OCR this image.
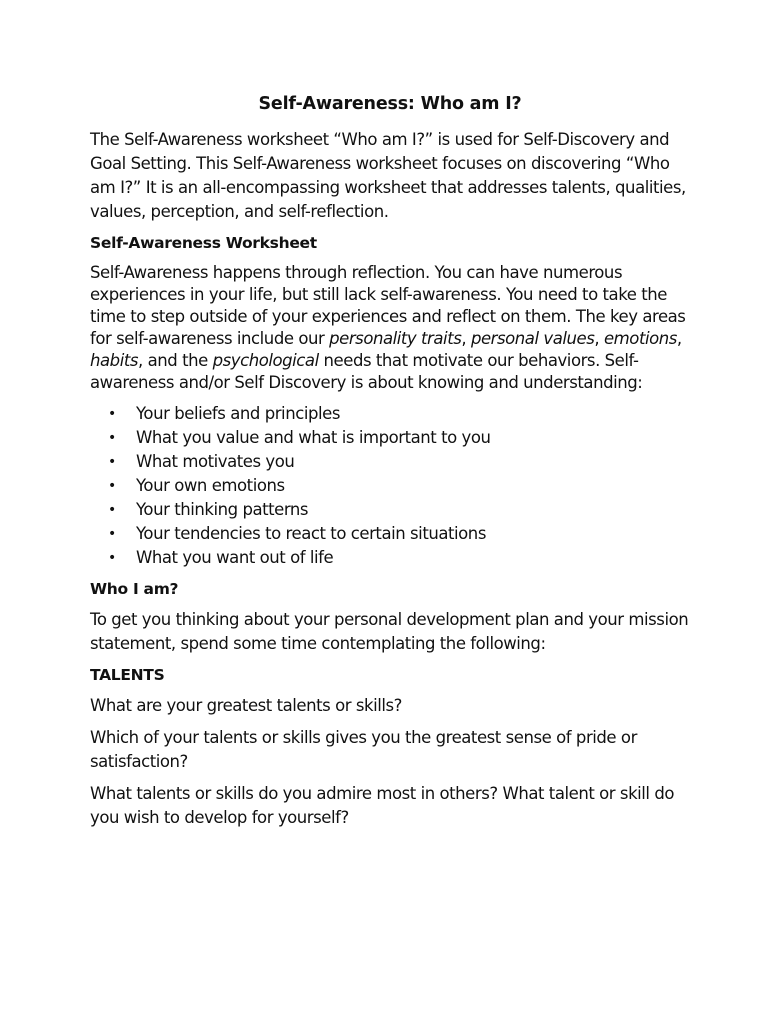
Self-Awareness: Who am I?

The Self-Awareness worksheet “Who am I?” is used for Self-Discovery and Goal Setting. This Self-Awareness worksheet focuses on discovering “Who am I?” It is an all-encompassing worksheet that addresses talents, qualities, values, perception, and self-reflection.

Self-Awareness Worksheet

Self-Awareness happens through reflection. You can have numerous experiences in your life, but still lack self-awareness. You need to take the time to step outside of your experiences and reflect on them. The key areas for self-awareness include our personality traits, personal values, emotions, habits, and the psychological needs that motivate our behaviors. Self-awareness and/or Self Discovery is about knowing and understanding:

• Your beliefs and principles
• What you value and what is important to you
• What motivates you
• Your own emotions
• Your thinking patterns
• Your tendencies to react to certain situations
• What you want out of life
Who I am?

To get you thinking about your personal development plan and your mission statement, spend some time contemplating the following:

TALENTS

What are your greatest talents or skills?

Which of your talents or skills gives you the greatest sense of pride or satisfaction?

What talents or skills do you admire most in others? What talent or skill do you wish to develop for yourself?
